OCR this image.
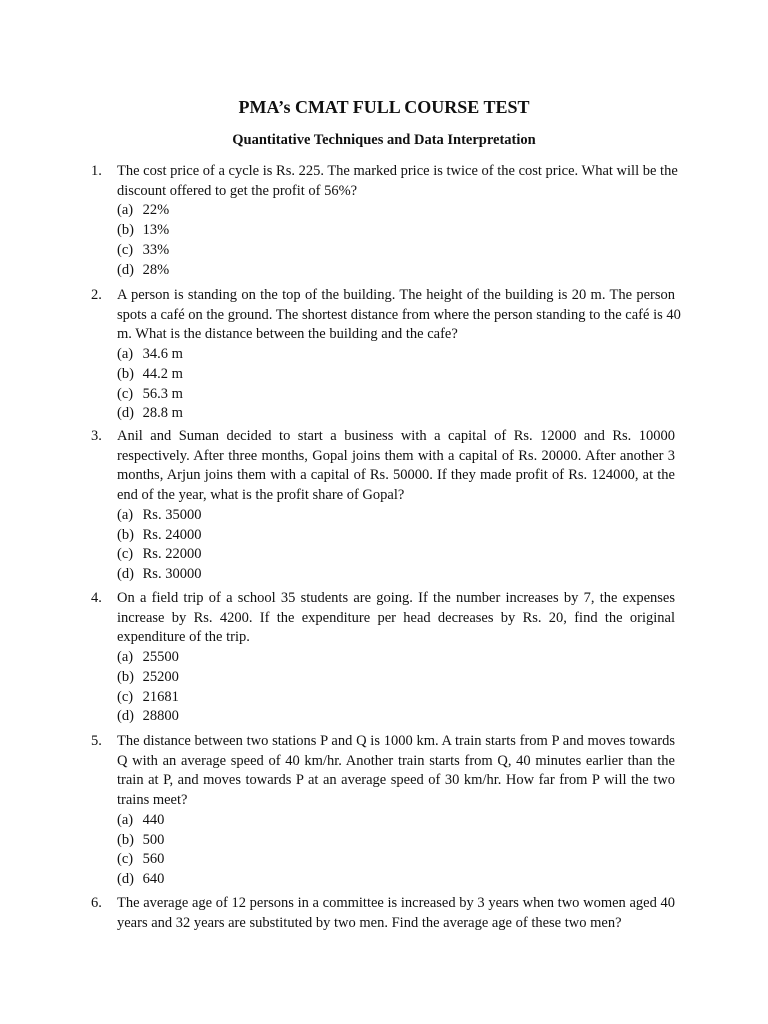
PMA’s CMAT FULL COURSE TEST
Quantitative Techniques and Data Interpretation
1. The cost price of a cycle is Rs. 225. The marked price is twice of the cost price. What will be the
discount offered to get the profit of 56%?
(a) 22%
(b) 13%
(c) 33%
(d) 28%
2. A person is standing on the top of the building. The height of the building is 20 m. The person
spots a café on the ground. The shortest distance from where the person standing to the café is 40
m. What is the distance between the building and the cafe?
(a) 34.6 m
(b) 44.2 m
(c) 56.3 m
(d) 28.8 m
3. Anil and Suman decided to start a business with a capital of Rs. 12000 and Rs. 10000
respectively. After three months, Gopal joins them with a capital of Rs. 20000. After another 3
months, Arjun joins them with a capital of Rs. 50000. If they made profit of Rs. 124000, at the
end of the year, what is the profit share of Gopal?
(a) Rs. 35000
(b) Rs. 24000
(c) Rs. 22000
(d) Rs. 30000
4. On a field trip of a school 35 students are going. If the number increases by 7, the expenses
increase by Rs. 4200. If the expenditure per head decreases by Rs. 20, find the original
expenditure of the trip.
(a) 25500
(b) 25200
(c) 21681
(d) 28800
5. The distance between two stations P and Q is 1000 km. A train starts from P and moves towards
Q with an average speed of 40 km/hr. Another train starts from Q, 40 minutes earlier than the
train at P, and moves towards P at an average speed of 30 km/hr. How far from P will the two
trains meet?
(a) 440
(b) 500
(c) 560
(d) 640
6. The average age of 12 persons in a committee is increased by 3 years when two women aged 40
years and 32 years are substituted by two men. Find the average age of these two men?
